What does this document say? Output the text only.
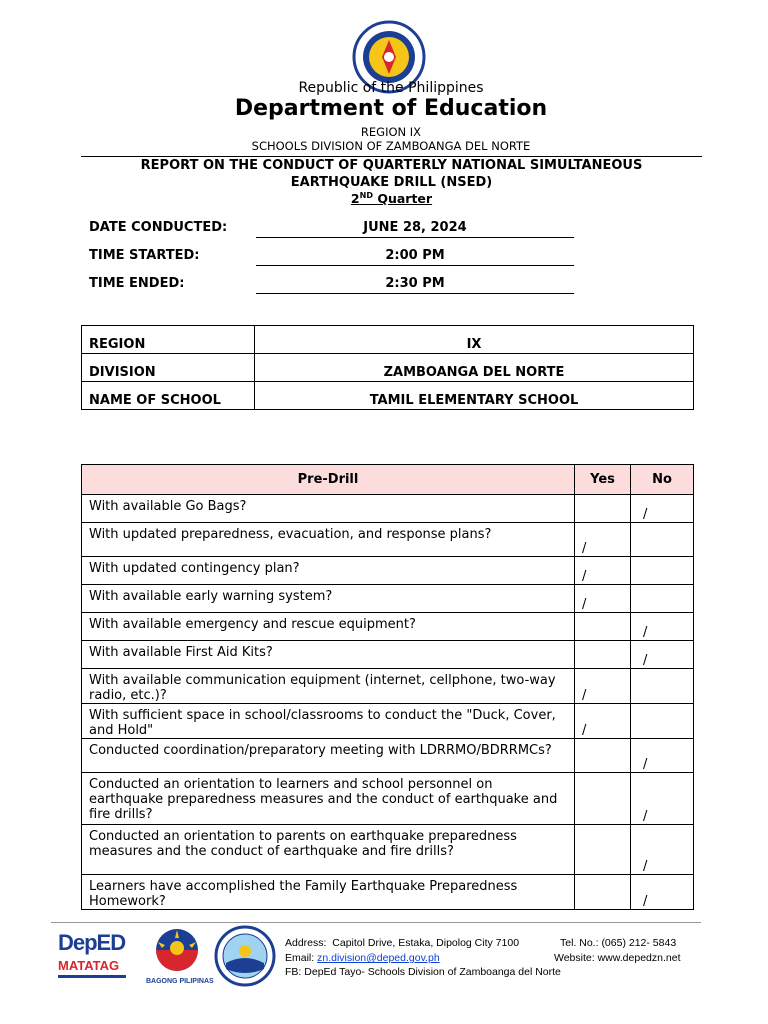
Republic of the Philippines
Department of Education
REGION IX
SCHOOLS DIVISION OF ZAMBOANGA DEL NORTE
REPORT ON THE CONDUCT OF QUARTERLY NATIONAL SIMULTANEOUS
EARTHQUAKE DRILL (NSED)
2ND Quarter
DATE CONDUCTED:	JUNE 28, 2024
TIME STARTED:	2:00 PM
TIME ENDED:	2:30 PM
REGION	IX
DIVISION	ZAMBOANGA DEL NORTE
NAME OF SCHOOL	TAMIL ELEMENTARY SCHOOL
Pre-Drill	Yes	No
With available Go Bags?		/

With updated preparedness, evacuation, and response plans?	/	

With updated contingency plan?	/	

With available early warning system?	/	

With available emergency and rescue equipment?		/

With available First Aid Kits?		/

With available communication equipment (internet, cellphone, two-way radio, etc.)?	/	

With sufficient space in school/classrooms to conduct the "Duck, Cover, and Hold"	/	

Conducted coordination/preparatory meeting with LDRRMO/BDRRMCs?		/

Conducted an orientation to learners and school personnel on earthquake preparedness measures and the conduct of earthquake and fire drills?		/

Conducted an orientation to parents on earthquake preparedness measures and the conduct of earthquake and fire drills?		/

Learners have accomplished the Family Earthquake Preparedness Homework?		/
DepED
MATATAG
BAGONG PILIPINAS
Address: Capitol Drive, Estaka, Dipolog City 7100	Tel. No.: (065) 212- 5843
Email: zn.division@deped.gov.ph	Website: www.depedzn.net
FB: DepEd Tayo- Schools Division of Zamboanga del Norte
